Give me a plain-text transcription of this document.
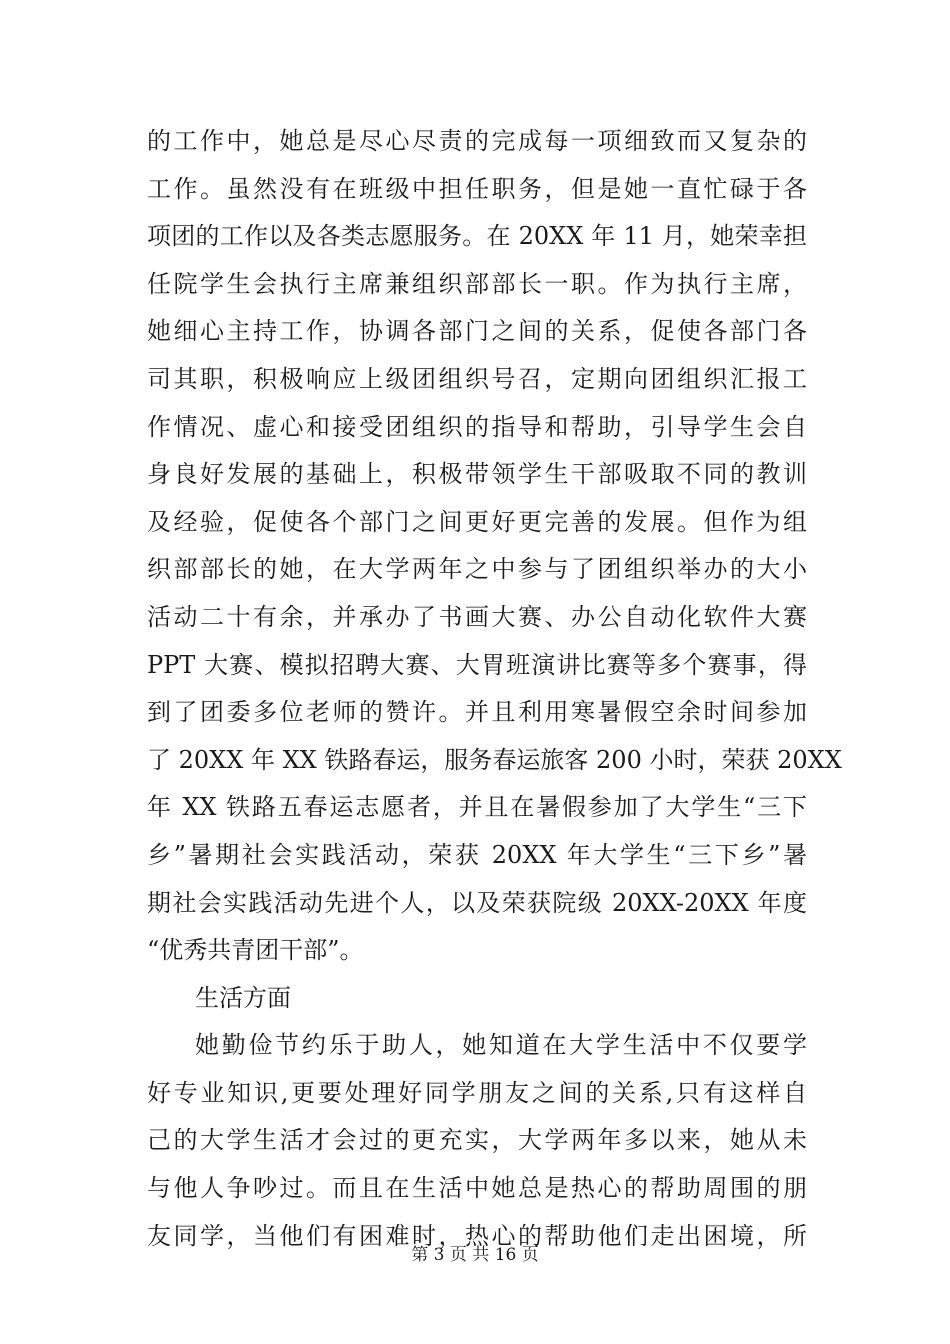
的工作中，她总是尽心尽责的完成每一项细致而又复杂的
工作。虽然没有在班级中担任职务，但是她一直忙碌于各
项团的工作以及各类志愿服务。在 20XX 年 11 月，她荣幸担
任院学生会执行主席兼组织部部长一职。作为执行主席，
她细心主持工作，协调各部门之间的关系，促使各部门各
司其职，积极响应上级团组织号召，定期向团组织汇报工
作情况、虚心和接受团组织的指导和帮助，引导学生会自
身良好发展的基础上，积极带领学生干部吸取不同的教训
及经验，促使各个部门之间更好更完善的发展。但作为组
织部部长的她，在大学两年之中参与了团组织举办的大小
活动二十有余，并承办了书画大赛、办公自动化软件大赛
PPT 大赛、模拟招聘大赛、大胃班演讲比赛等多个赛事，得
到了团委多位老师的赞许。并且利用寒暑假空余时间参加
了 20XX 年 XX 铁路春运，服务春运旅客 200 小时，荣获 20XX
年 XX 铁路五春运志愿者，并且在暑假参加了大学生“三下
乡”暑期社会实践活动，荣获 20XX 年大学生“三下乡”暑
期社会实践活动先进个人，以及荣获院级 20XX-20XX 年度
“优秀共青团干部”。
生活方面
她勤俭节约乐于助人，她知道在大学生活中不仅要学
好专业知识,更要处理好同学朋友之间的关系,只有这样自
己的大学生活才会过的更充实，大学两年多以来，她从未
与他人争吵过。而且在生活中她总是热心的帮助周围的朋
友同学，当他们有困难时，热心的帮助他们走出困境，所
第 3 页 共 16 页
